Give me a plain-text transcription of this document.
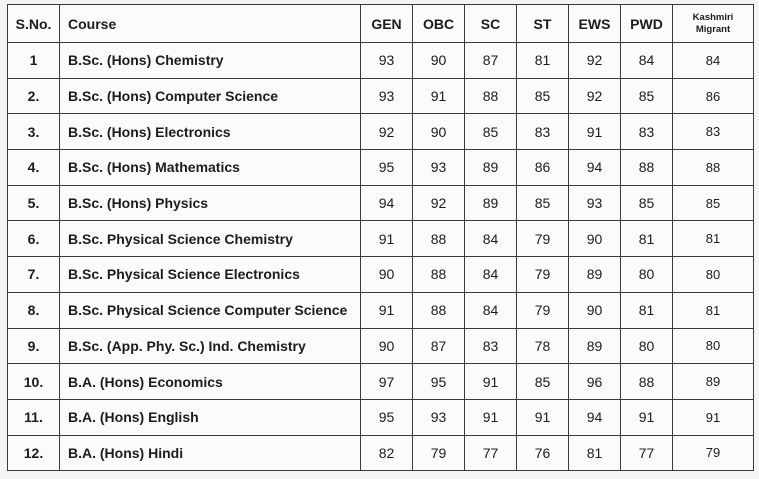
S.No.	Course	GEN	OBC	SC	ST	EWS	PWD	Kashmiri
Migrant
1	B.Sc. (Hons) Chemistry	93	90	87	81	92	84	84
2.	B.Sc. (Hons) Computer Science	93	91	88	85	92	85	86
3.	B.Sc. (Hons) Electronics	92	90	85	83	91	83	83
4.	B.Sc. (Hons) Mathematics	95	93	89	86	94	88	88
5.	B.Sc. (Hons) Physics	94	92	89	85	93	85	85
6.	B.Sc. Physical Science Chemistry	91	88	84	79	90	81	81
7.	B.Sc. Physical Science Electronics	90	88	84	79	89	80	80
8.	B.Sc. Physical Science Computer Science	91	88	84	79	90	81	81
9.	B.Sc. (App. Phy. Sc.) Ind. Chemistry	90	87	83	78	89	80	80
10.	B.A. (Hons) Economics	97	95	91	85	96	88	89
11.	B.A. (Hons) English	95	93	91	91	94	91	91
12.	B.A. (Hons) Hindi	82	79	77	76	81	77	79
